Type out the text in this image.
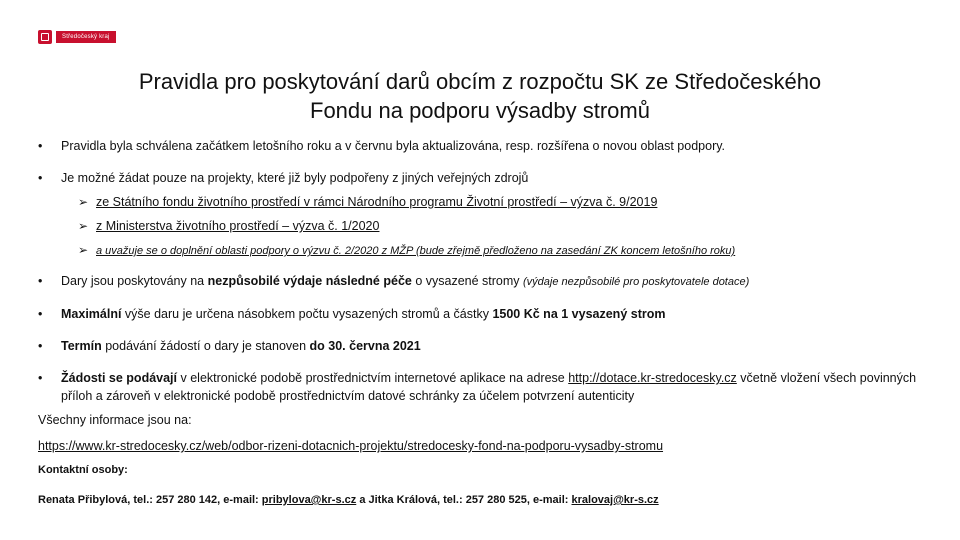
Středočeský kraj
Pravidla pro poskytování darů obcím z rozpočtu SK ze Středočeského
Fondu na podporu výsadby stromů
• Pravidla byla schválena začátkem letošního roku a v červnu byla aktualizována, resp. rozšířena o novou oblast podpory.
• Je možné žádat pouze na projekty, které již byly podpořeny z jiných veřejných zdrojů
➢ ze Státního fondu životního prostředí v rámci Národního programu Životní prostředí – výzva č. 9/2019
➢ z Ministerstva životního prostředí – výzva č. 1/2020
➢ a uvažuje se o doplnění oblasti podpory o výzvu č. 2/2020 z MŽP (bude zřejmě předloženo na zasedání ZK koncem letošního roku)
• Dary jsou poskytovány na nezpůsobilé výdaje následné péče o vysazené stromy (výdaje nezpůsobilé pro poskytovatele dotace)
• Maximální výše daru je určena násobkem počtu vysazených stromů a částky 1500 Kč na 1 vysazený strom
• Termín podávání žádostí o dary je stanoven do 30. června 2021
• Žádosti se podávají v elektronické podobě prostřednictvím internetové aplikace na adrese http://dotace.kr-stredocesky.cz včetně vložení všech povinných příloh a zároveň v elektronické podobě prostřednictvím datové schránky za účelem potvrzení autenticity
Všechny informace jsou na:
https://www.kr-stredocesky.cz/web/odbor-rizeni-dotacnich-projektu/stredocesky-fond-na-podporu-vysadby-stromu
Kontaktní osoby:
Renata Přibylová, tel.: 257 280 142, e-mail: pribylova@kr-s.cz a Jitka Králová, tel.: 257 280 525, e-mail: kralovaj@kr-s.cz
